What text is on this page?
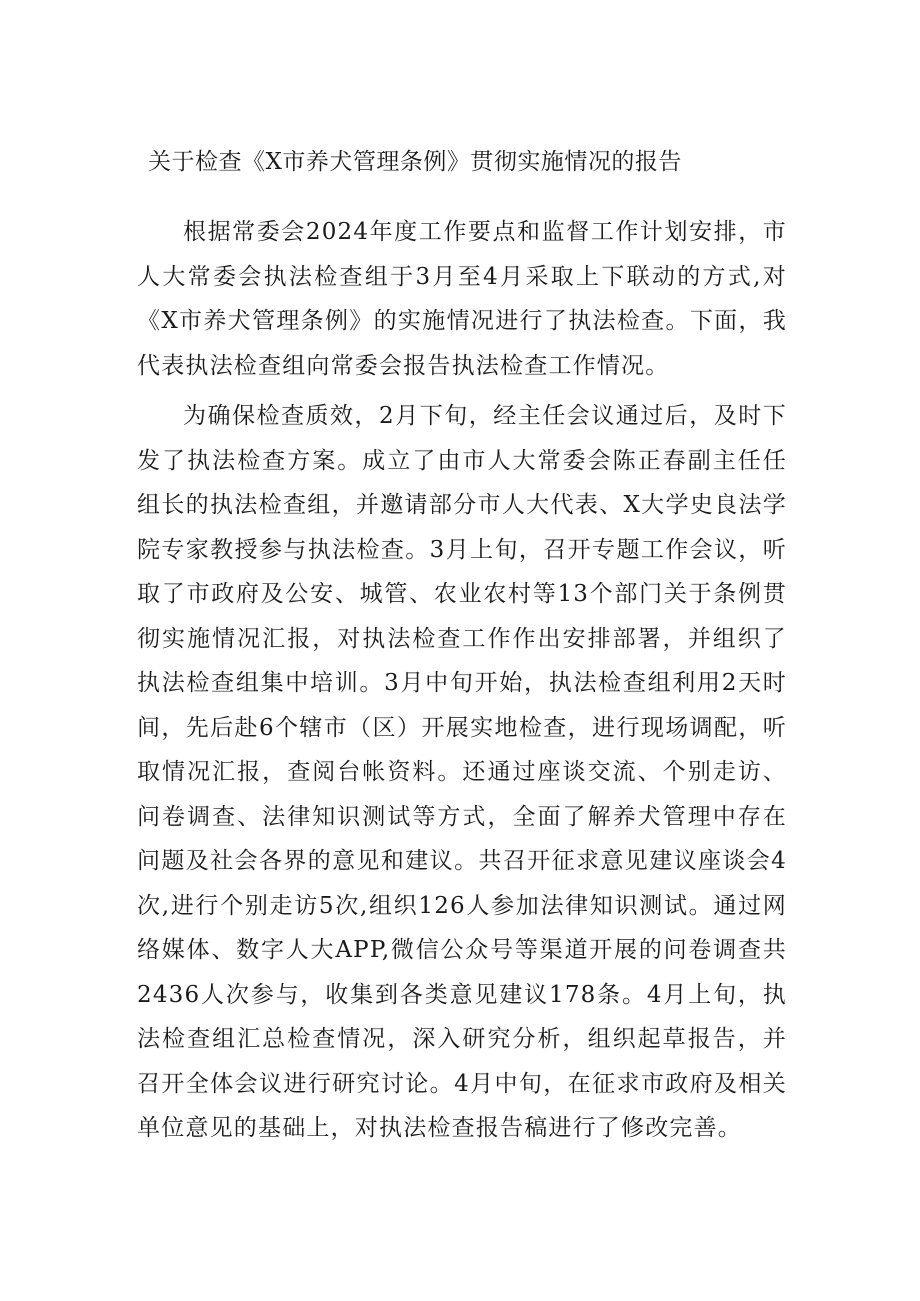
关于检查《X市养犬管理条例》贯彻实施情况的报告

根据常委会2024年度工作要点和监督工作计划安排，市人大常委会执法检查组于3月至4月采取上下联动的方式,对《X市养犬管理条例》的实施情况进行了执法检查。下面，我代表执法检查组向常委会报告执法检查工作情况。

为确保检查质效，2月下旬，经主任会议通过后，及时下发了执法检查方案。成立了由市人大常委会陈正春副主任任组长的执法检查组，并邀请部分市人大代表、X大学史良法学院专家教授参与执法检查。3月上旬，召开专题工作会议，听取了市政府及公安、城管、农业农村等13个部门关于条例贯彻实施情况汇报，对执法检查工作作出安排部署，并组织了执法检查组集中培训。3月中旬开始，执法检查组利用2天时间，先后赴6个辖市（区）开展实地检查，进行现场调配，听取情况汇报，查阅台帐资料。还通过座谈交流、个别走访、问卷调查、法律知识测试等方式，全面了解养犬管理中存在问题及社会各界的意见和建议。共召开征求意见建议座谈会4次,进行个别走访5次,组织126人参加法律知识测试。通过网络媒体、数字人大APP,微信公众号等渠道开展的问卷调查共2436人次参与，收集到各类意见建议178条。4月上旬，执法检查组汇总检查情况，深入研究分析，组织起草报告，并召开全体会议进行研究讨论。4月中旬，在征求市政府及相关单位意见的基础上，对执法检查报告稿进行了修改完善。
